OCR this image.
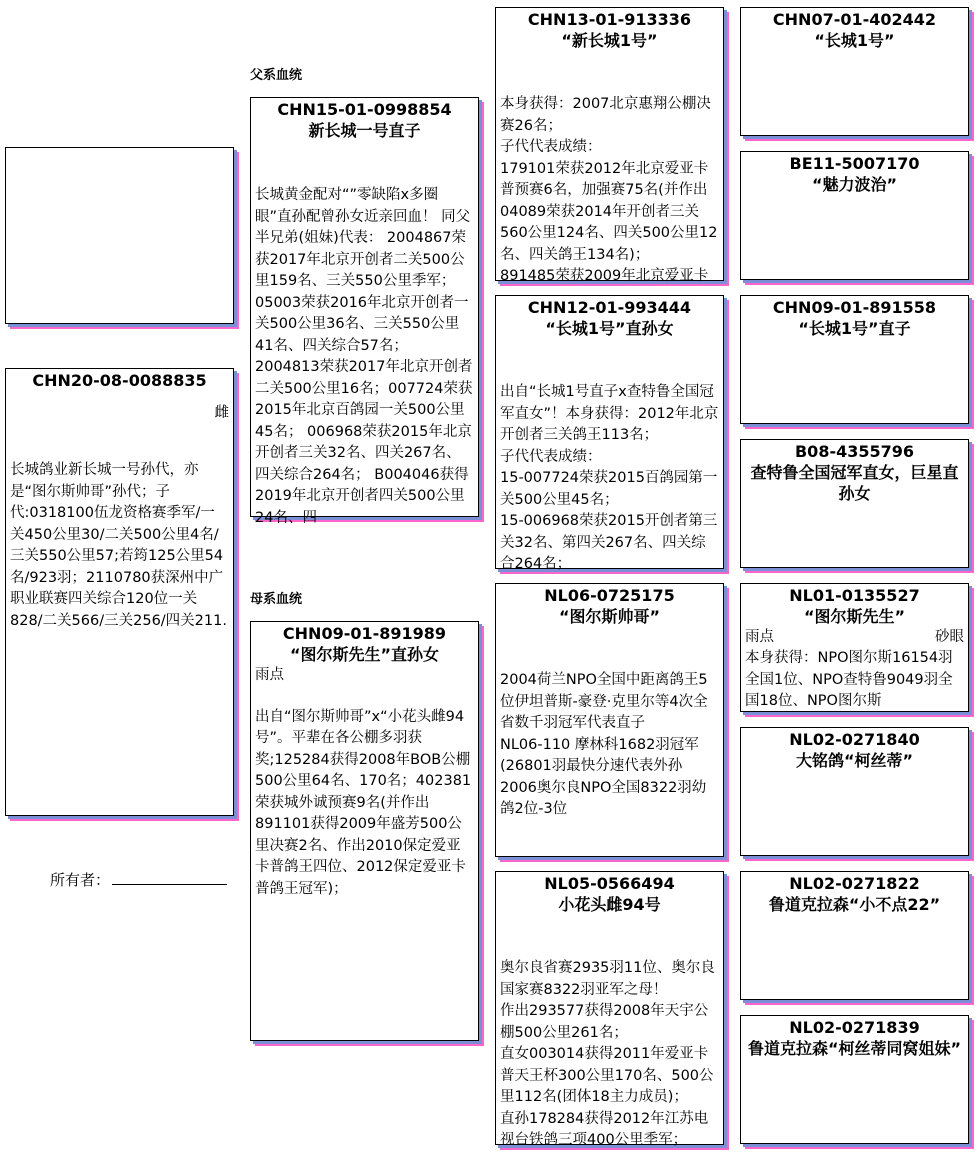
父系血统
母系血统
CHN20-08-0088835
雌
长城鸽业新长城一号孙代，亦是“图尔斯帅哥”孙代；子代:0318100伍龙资格赛季军/一关450公里30/二关500公里4名/三关550公里57;若筠125公里54名/923羽；2110780获深州中广职业联赛四关综合120位一关828/二关566/三关256/四关211.
所有者：
CHN15-01-0998854
新长城一号直子
长城黄金配对“”零缺陷x多圈眼”直孙配曾孙女近亲回血！ 同父半兄弟(姐妹)代表： 2004867荣获2017年北京开创者二关500公里159名、三关550公里季军； 05003荣获2016年北京开创者一关500公里36名、三关550公里41名、四关综合57名； 2004813荣获2017年北京开创者二关500公里16名；007724荣获2015年北京百鸽园一关500公里45名； 006968荣获2015年北京开创者三关32名、四关267名、四关综合264名； B004046获得2019年北京开创者四关500公里24名、四
CHN09-01-891989
“图尔斯先生”直孙女
雨点
出自“图尔斯帅哥”x“小花头雌94号”。平辈在各公棚多羽获奖;125284获得2008年BOB公棚500公里64名、170名；402381荣获城外诚预赛9名(并作出891101获得2009年盛芳500公里决赛2名、作出2010保定爱亚卡普鸽王四位、2012保定爱亚卡普鸽王冠军)；
CHN13-01-913336
“新长城1号”
本身获得：2007北京惠翔公棚决赛26名；
子代代表成绩：
179101荣获2012年北京爱亚卡普预赛6名，加强赛75名(并作出04089荣获2014年开创者三关560公里124名、四关500公里12名、四关鸽王134名)；
891485荣获2009年北京爱亚卡
CHN12-01-993444
“长城1号”直孙女
出自“长城1号直子x查特鲁全国冠军直女”！本身获得：2012年北京开创者三关鸽王113名；
子代代表成绩：
15-007724荣获2015百鸽园第一关500公里45名；
15-006968荣获2015开创者第三关32名、第四关267名、四关综合264名；
NL06-0725175
“图尔斯帅哥”
2004荷兰NPO全国中距离鸽王5位伊坦普斯-豪登·克里尔等4次全省数千羽冠军代表直子
NL06-110 摩林科1682羽冠军(26801羽最快分速代表外孙
2006奥尔良NPO全国8322羽幼鸽2位-3位
NL05-0566494
小花头雌94号
奥尔良省赛2935羽11位、奥尔良国家赛8322羽亚军之母！
作出293577获得2008年天宇公棚500公里261名；
直女003014获得2011年爱亚卡普天王杯300公里170名、500公里112名(团体18主力成员)；
直孙178284获得2012年江苏电视台铁鸽三项400公里季军；
CHN07-01-402442
“长城1号”
BE11-5007170
“魅力波治”
CHN09-01-891558
“长城1号”直子
B08-4355796
查特鲁全国冠军直女，巨星直孙女
NL01-0135527
“图尔斯先生”
雨点	砂眼
本身获得：NPO图尔斯16154羽全国1位、NPO查特鲁9049羽全国18位、NPO图尔斯
NL02-0271840
大铭鸽“柯丝蒂”
NL02-0271822
鲁道克拉森“小不点22”
NL02-0271839
鲁道克拉森“柯丝蒂同窝姐妹”
